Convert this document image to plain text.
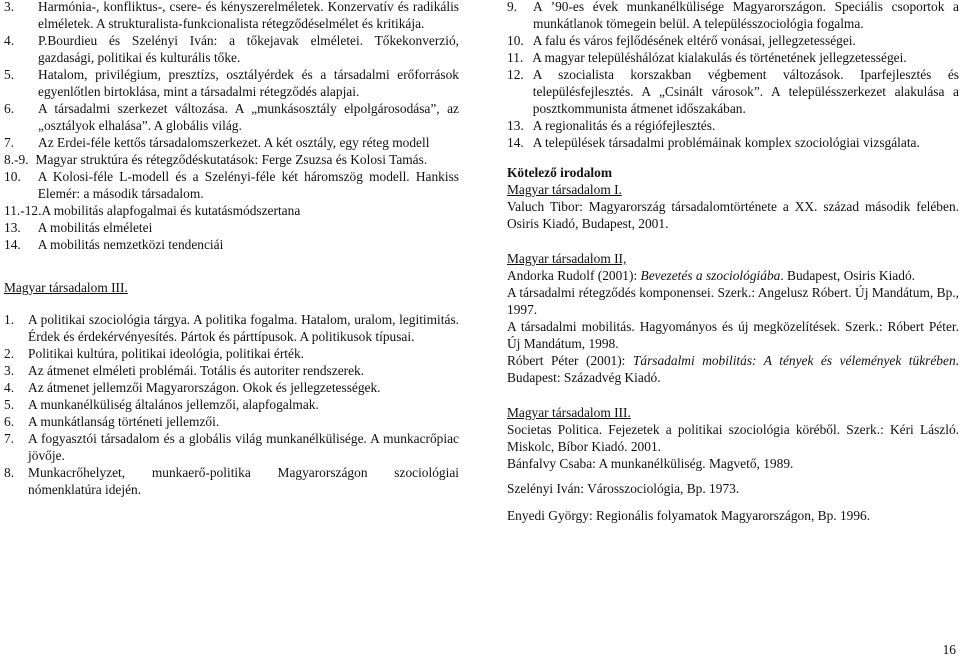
3. Harmónia-, konfliktus-, csere- és kényszerelméletek. Konzervatív és radikális elméletek. A strukturalista-funkcionalista rétegződéselmélet és kritikája.
4. P.Bourdieu és Szelényi Iván: a tőkejavak elméletei. Tőkekonverzió, gazdasági, politikai és kulturális tőke.
5. Hatalom, privilégium, presztízs, osztályérdek és a társadalmi erőforrások egyenlőtlen birtoklása, mint a társadalmi rétegződés alapjai.
6. A társadalmi szerkezet változása. A „munkásosztály elpolgárosodása”, az „osztályok elhalása”. A globális világ.
7. Az Erdei-féle kettős társadalomszerkezet. A két osztály, egy réteg modell
8.-9. Magyar struktúra és rétegződéskutatások: Ferge Zsuzsa és Kolosi Tamás.
10. A Kolosi-féle L-modell és a Szelényi-féle két háromszög modell. Hankiss Elemér: a második társadalom.
11.-12. A mobilitás alapfogalmai és kutatásmódszertana
13. A mobilitás elméletei
14. A mobilitás nemzetközi tendenciái
Magyar társadalom III.
1. A politikai szociológia tárgya. A politika fogalma. Hatalom, uralom, legitimitás. Érdek és érdekérvényesítés. Pártok és párttípusok. A politikusok típusai.
2. Politikai kultúra, politikai ideológia, politikai érték.
3. Az átmenet elméleti problémái. Totális és autoriter rendszerek.
4. Az átmenet jellemzői Magyarországon. Okok és jellegzetességek.
5. A munkanélküliség általános jellemzői, alapfogalmak.
6. A munkátlanság történeti jellemzői.
7. A fogyasztói társadalom és a globális világ munkanélkülisége. A munkacrőpiac jövője.
8. Munkacrőhelyzet, munkaerő-politika Magyarországon szociológiai nómenklatúra idején.
9. A ’90-es évek munkanélkülisége Magyarországon. Speciális csoportok a munkátlanok tömegein belül. A településszociológia fogalma.
10. A falu és város fejlődésének eltérő vonásai, jellegzetességei.
11. A magyar településhálózat kialakulás és történetének jellegzetességei.
12. A szocialista korszakban végbement változások. Iparfejlesztés és településfejlesztés. A „Csinált városok”. A településszerkezet alakulása a posztkommunista átmenet időszakában.
13. A regionalitás és a régiófejlesztés.
14. A települések társadalmi problémáinak komplex szociológiai vizsgálata.
Kötelező irodalom
Magyar társadalom I.
Valuch Tibor: Magyarország társadalomtörténete a XX. század második felében. Osiris Kiadó, Budapest, 2001.
Magyar társadalom II,
Andorka Rudolf (2001): Bevezetés a szociológiába. Budapest, Osiris Kiadó.
A társadalmi rétegződés komponensei. Szerk.: Angelusz Róbert. Új Mandátum, Bp., 1997.
A társadalmi mobilitás. Hagyományos és új megközelítések. Szerk.: Róbert Péter. Új Mandátum, 1998.
Róbert Péter (2001): Társadalmi mobilitás: A tények és vélemények tükrében. Budapest: Századvég Kiadó.
Magyar társadalom III.
Societas Politica. Fejezetek a politikai szociológia köréből. Szerk.: Kéri László. Miskolc, Bíbor Kiadó. 2001.
Bánfalvy Csaba: A munkanélküliség. Magvető, 1989.
Szelényi Iván: Városszociológia, Bp. 1973.
Enyedi György: Regionális folyamatok Magyarországon, Bp. 1996.
16
